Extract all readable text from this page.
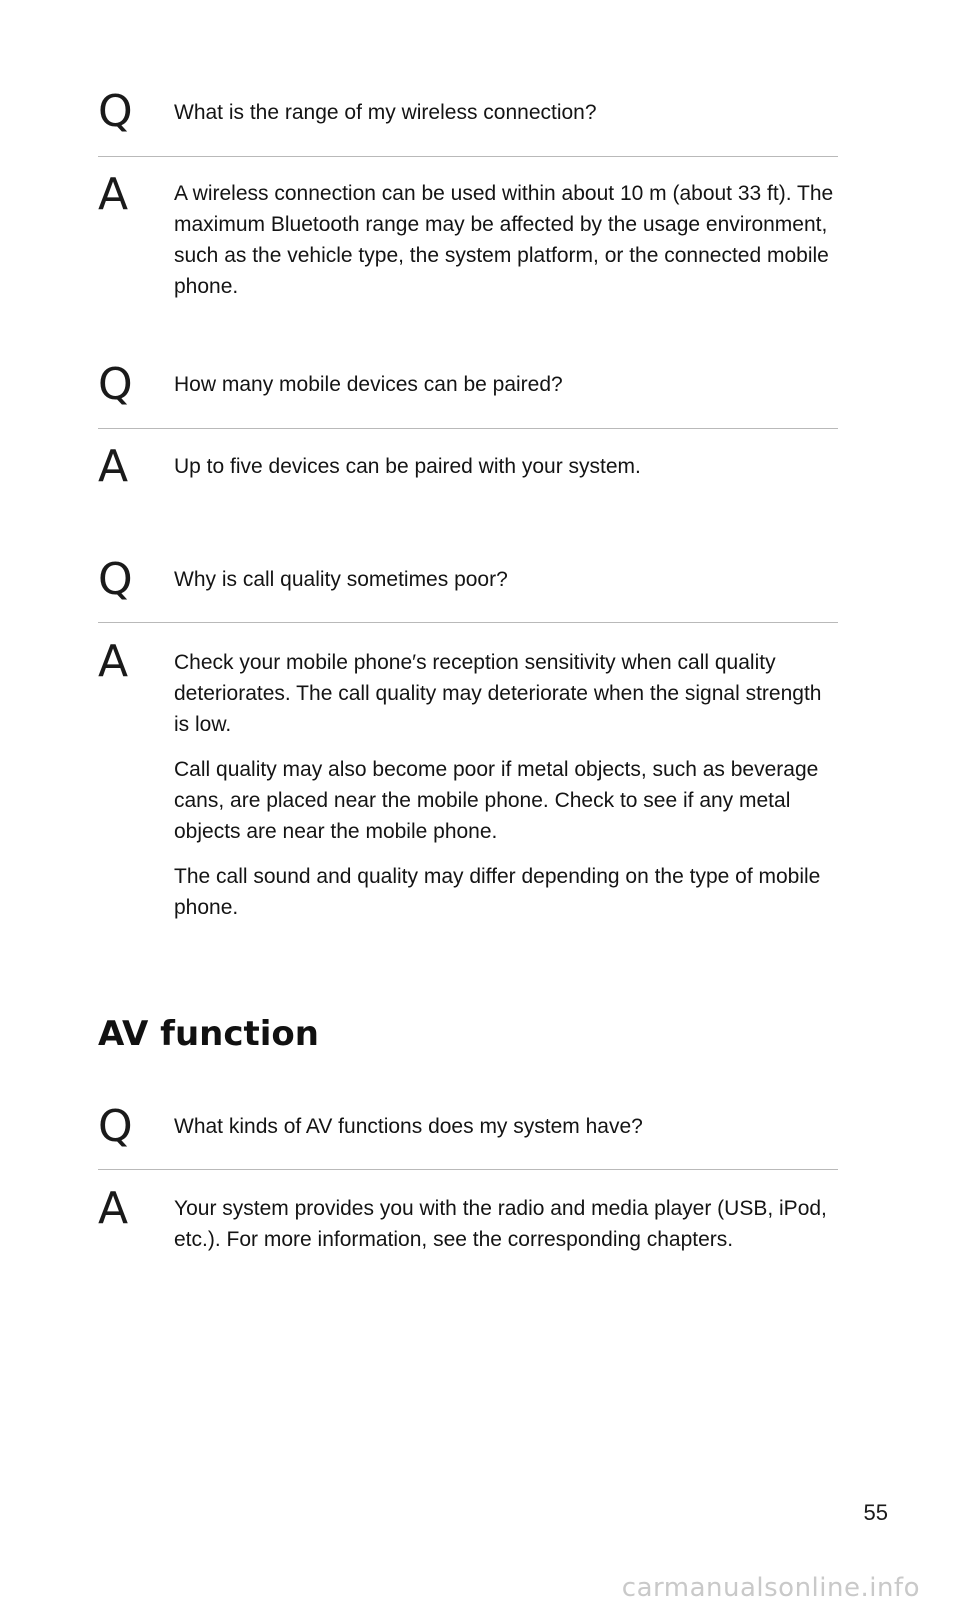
Q What is the range of my wireless connection?

A A wireless connection can be used within about 10 m (about 33 ft). The maximum Bluetooth range may be affected by the usage environment, such as the vehicle type, the system platform, or the connected mobile phone.

Q How many mobile devices can be paired?

A Up to five devices can be paired with your system.

Q Why is call quality sometimes poor?

A Check your mobile phone′s reception sensitivity when call quality deteriorates. The call quality may deteriorate when the signal strength is low.

Call quality may also become poor if metal objects, such as beverage cans, are placed near the mobile phone. Check to see if any metal objects are near the mobile phone.

The call sound and quality may differ depending on the type of mobile phone.

AV function
Q What kinds of AV functions does my system have?

A Your system provides you with the radio and media player (USB, iPod, etc.). For more information, see the corresponding chapters.

55
carmanualsonline.info
